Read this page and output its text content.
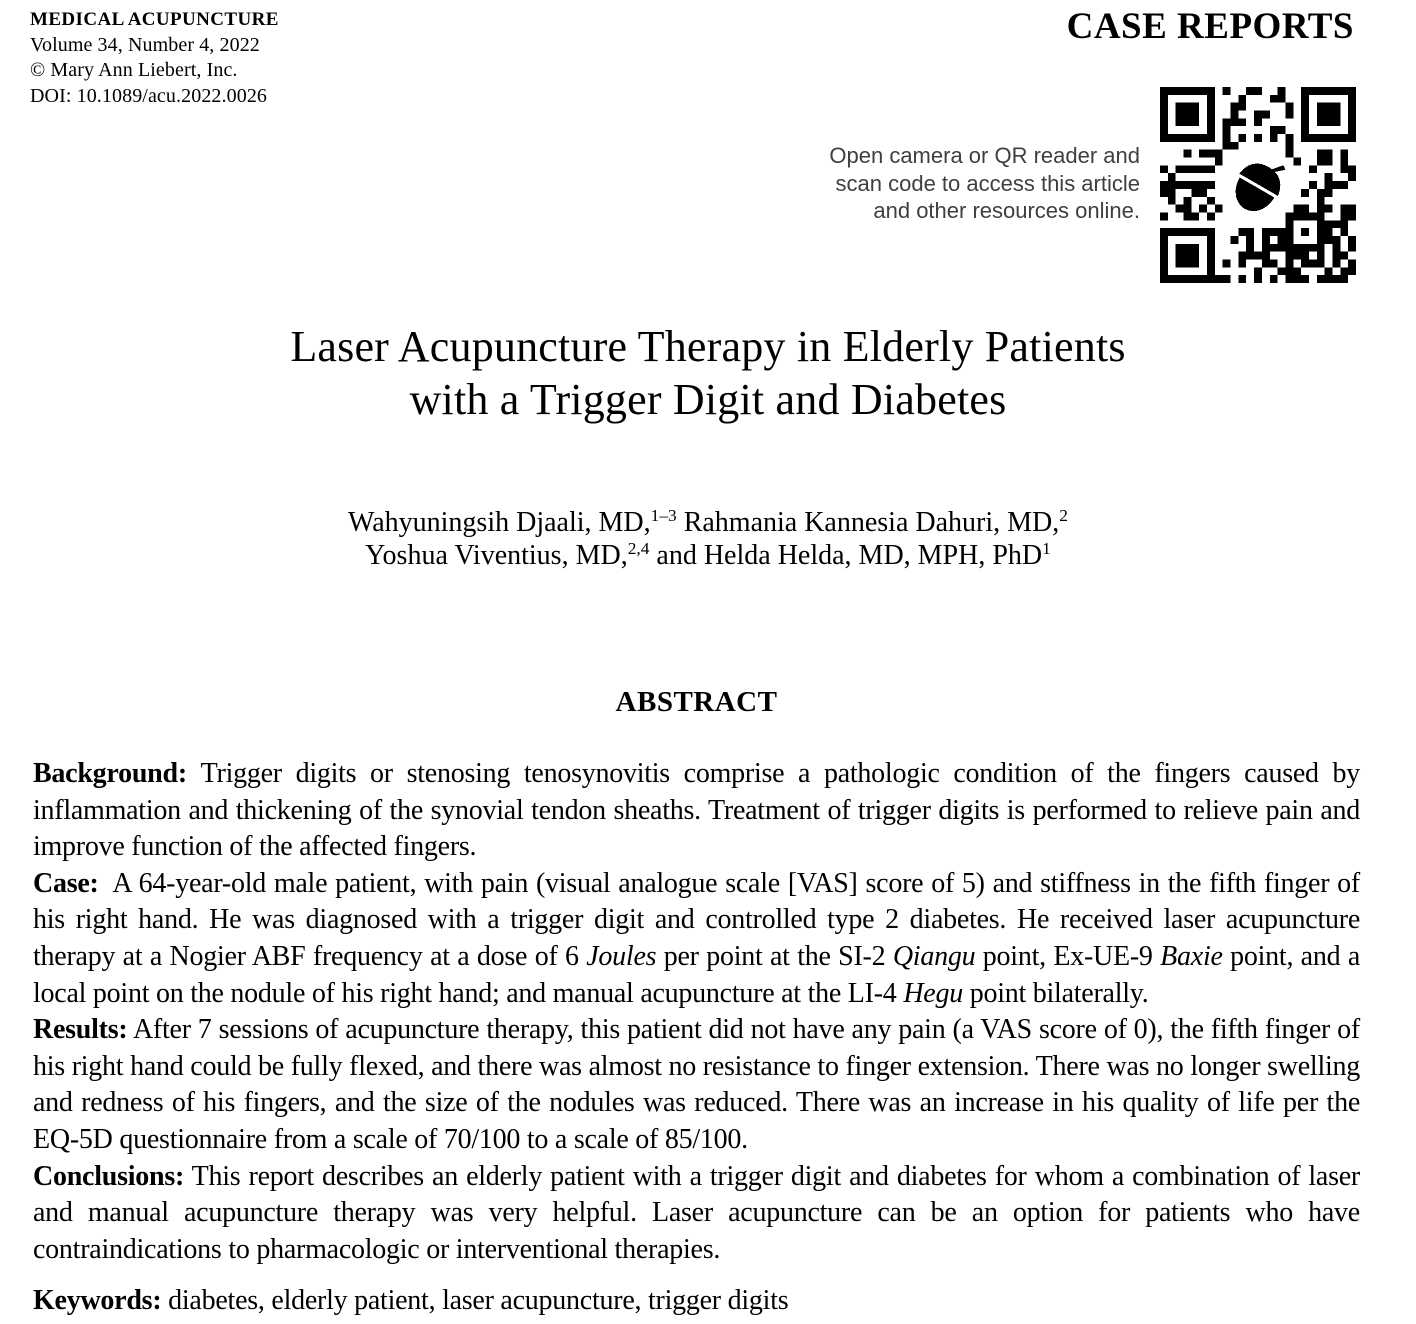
MEDICAL ACUPUNCTURE
Volume 34, Number 4, 2022
© Mary Ann Liebert, Inc.
DOI: 10.1089/acu.2022.0026
CASE REPORTS
Open camera or QR reader and
scan code to access this article
and other resources online.
Laser Acupuncture Therapy in Elderly Patients
with a Trigger Digit and Diabetes
Wahyuningsih Djaali, MD,$^{1-3}$ Rahmania Kannesia Dahuri, MD,$^2$
Yoshua Viventius, MD,$^{2,4}$ and Helda Helda, MD, MPH, PhD$^1$
ABSTRACT

Background: Trigger digits or stenosing tenosynovitis comprise a pathologic condition of the fingers caused by inflammation and thickening of the synovial tendon sheaths. Treatment of trigger digits is performed to relieve pain and improve function of the affected fingers.

Case: A 64-year-old male patient, with pain (visual analogue scale [VAS] score of 5) and stiffness in the fifth finger of his right hand. He was diagnosed with a trigger digit and controlled type 2 diabetes. He received laser acupuncture therapy at a Nogier ABF frequency at a dose of 6 Joules per point at the SI-2 Qiangu point, Ex-UE-9 Baxie point, and a local point on the nodule of his right hand; and manual acupuncture at the LI-4 Hegu point bilaterally.

Results: After 7 sessions of acupuncture therapy, this patient did not have any pain (a VAS score of 0), the fifth finger of his right hand could be fully flexed, and there was almost no resistance to finger extension. There was no longer swelling and redness of his fingers, and the size of the nodules was reduced. There was an increase in his quality of life per the EQ-5D questionnaire from a scale of 70/100 to a scale of 85/100.

Conclusions: This report describes an elderly patient with a trigger digit and diabetes for whom a combination of laser and manual acupuncture therapy was very helpful. Laser acupuncture can be an option for patients who have contraindications to pharmacologic or interventional therapies.

Keywords: diabetes, elderly patient, laser acupuncture, trigger digits
